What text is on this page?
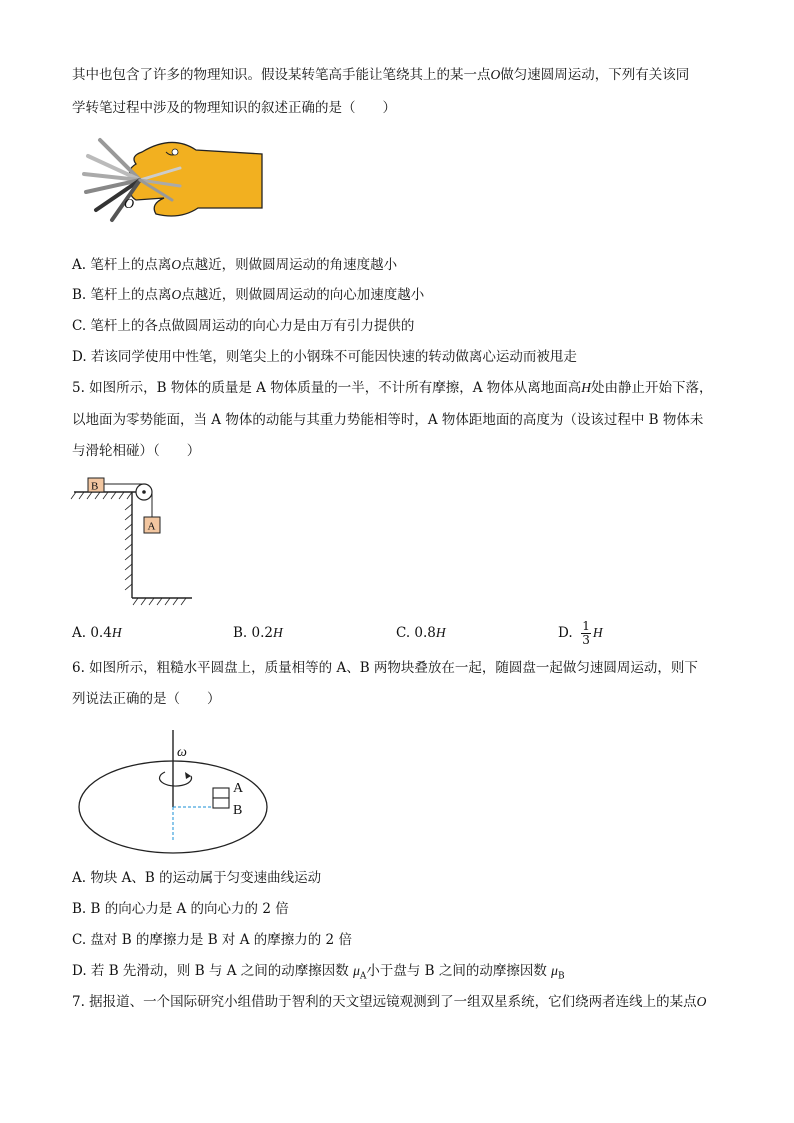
其中也包含了许多的物理知识。假设某转笔高手能让笔绕其上的某一点O做匀速圆周运动，下列有关该同
学转笔过程中涉及的物理知识的叙述正确的是（　　）
O
A. 笔杆上的点离O点越近，则做圆周运动的角速度越小
B. 笔杆上的点离O点越近，则做圆周运动的向心加速度越小
C. 笔杆上的各点做圆周运动的向心力是由万有引力提供的
D. 若该同学使用中性笔，则笔尖上的小钢珠不可能因快速的转动做离心运动而被甩走
5. 如图所示，B 物体的质量是 A 物体质量的一半，不计所有摩擦，A 物体从离地面高H处由静止开始下落，
以地面为零势能面，当 A 物体的动能与其重力势能相等时，A 物体距地面的高度为（设该过程中 B 物体未
与滑轮相碰）（　　）
B
A
A. 0.4H	B. 0.2H	C. 0.8H	D. $\frac{1}{3}$ H
6. 如图所示，粗糙水平圆盘上，质量相等的 A、B 两物块叠放在一起，随圆盘一起做匀速圆周运动，则下
列说法正确的是（　　）
ω
A
B
A. 物块 A、B 的运动属于匀变速曲线运动
B. B 的向心力是 A 的向心力的 2 倍
C. 盘对 B 的摩擦力是 B 对 A 的摩擦力的 2 倍
D. 若 B 先滑动，则 B 与 A 之间的动摩擦因数 $\mu_A$小于盘与 B 之间的动摩擦因数 $\mu_B$
7. 据报道、一个国际研究小组借助于智利的天文望远镜观测到了一组双星系统，它们绕两者连线上的某点O
